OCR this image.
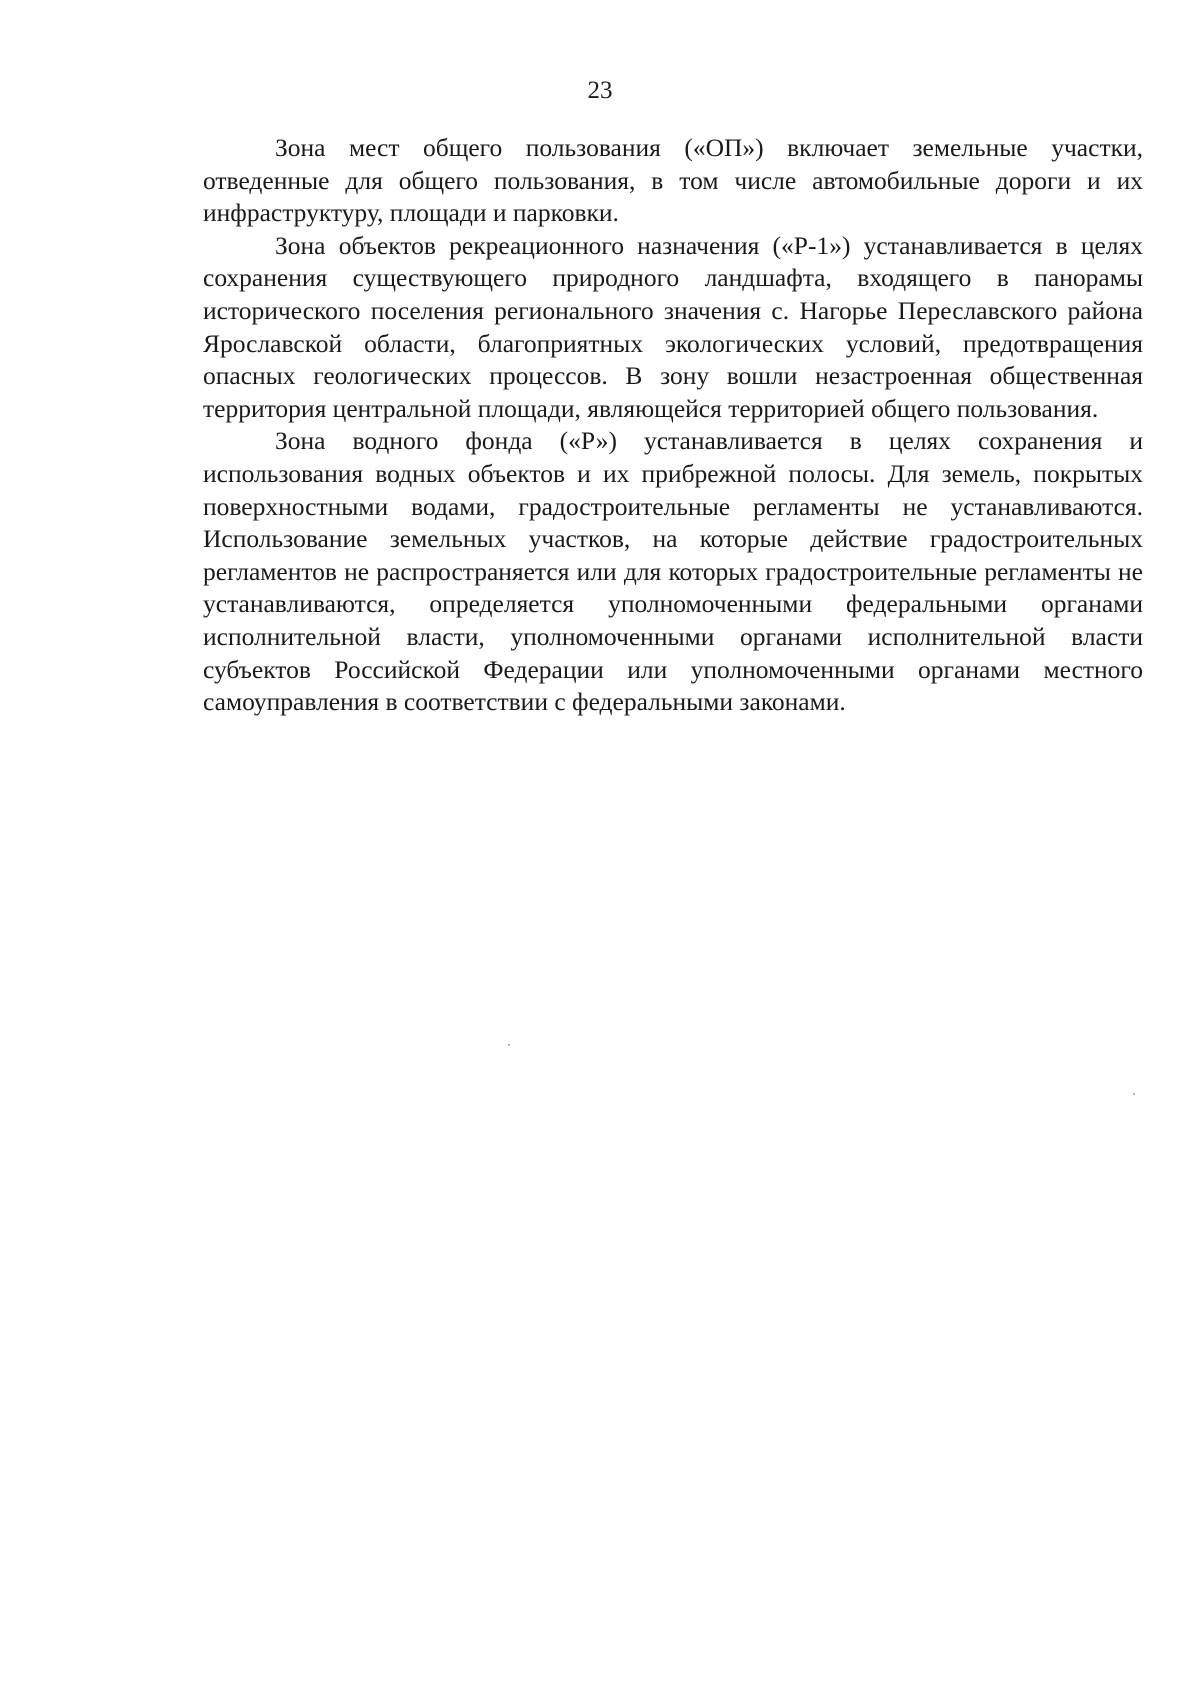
23

Зона мест общего пользования («ОП») включает земельные участки, отведенные для общего пользования, в том числе автомобильные дороги и их инфраструктуру, площади и парковки.

Зона объектов рекреационного назначения («Р-1») устанавливается в целях сохранения существующего природного ландшафта, входящего в панорамы исторического поселения регионального значения с. Нагорье Переславского района Ярославской области, благоприятных экологических условий, предотвращения опасных геологических процессов. В зону вошли незастроенная общественная территория центральной площади, являющейся территорией общего пользования.

Зона водного фонда («Р») устанавливается в целях сохранения и использования водных объектов и их прибрежной полосы. Для земель, покрытых поверхностными водами, градостроительные регламенты не устанавливаются. Использование земельных участков, на которые действие градостроительных регламентов не распространяется или для которых градостроительные регламенты не устанавливаются, определяется уполномоченными федеральными органами исполнительной власти, уполномоченными органами исполнительной власти субъектов Российской Федерации или уполномоченными органами местного самоуправления в соответствии с федеральными законами.
